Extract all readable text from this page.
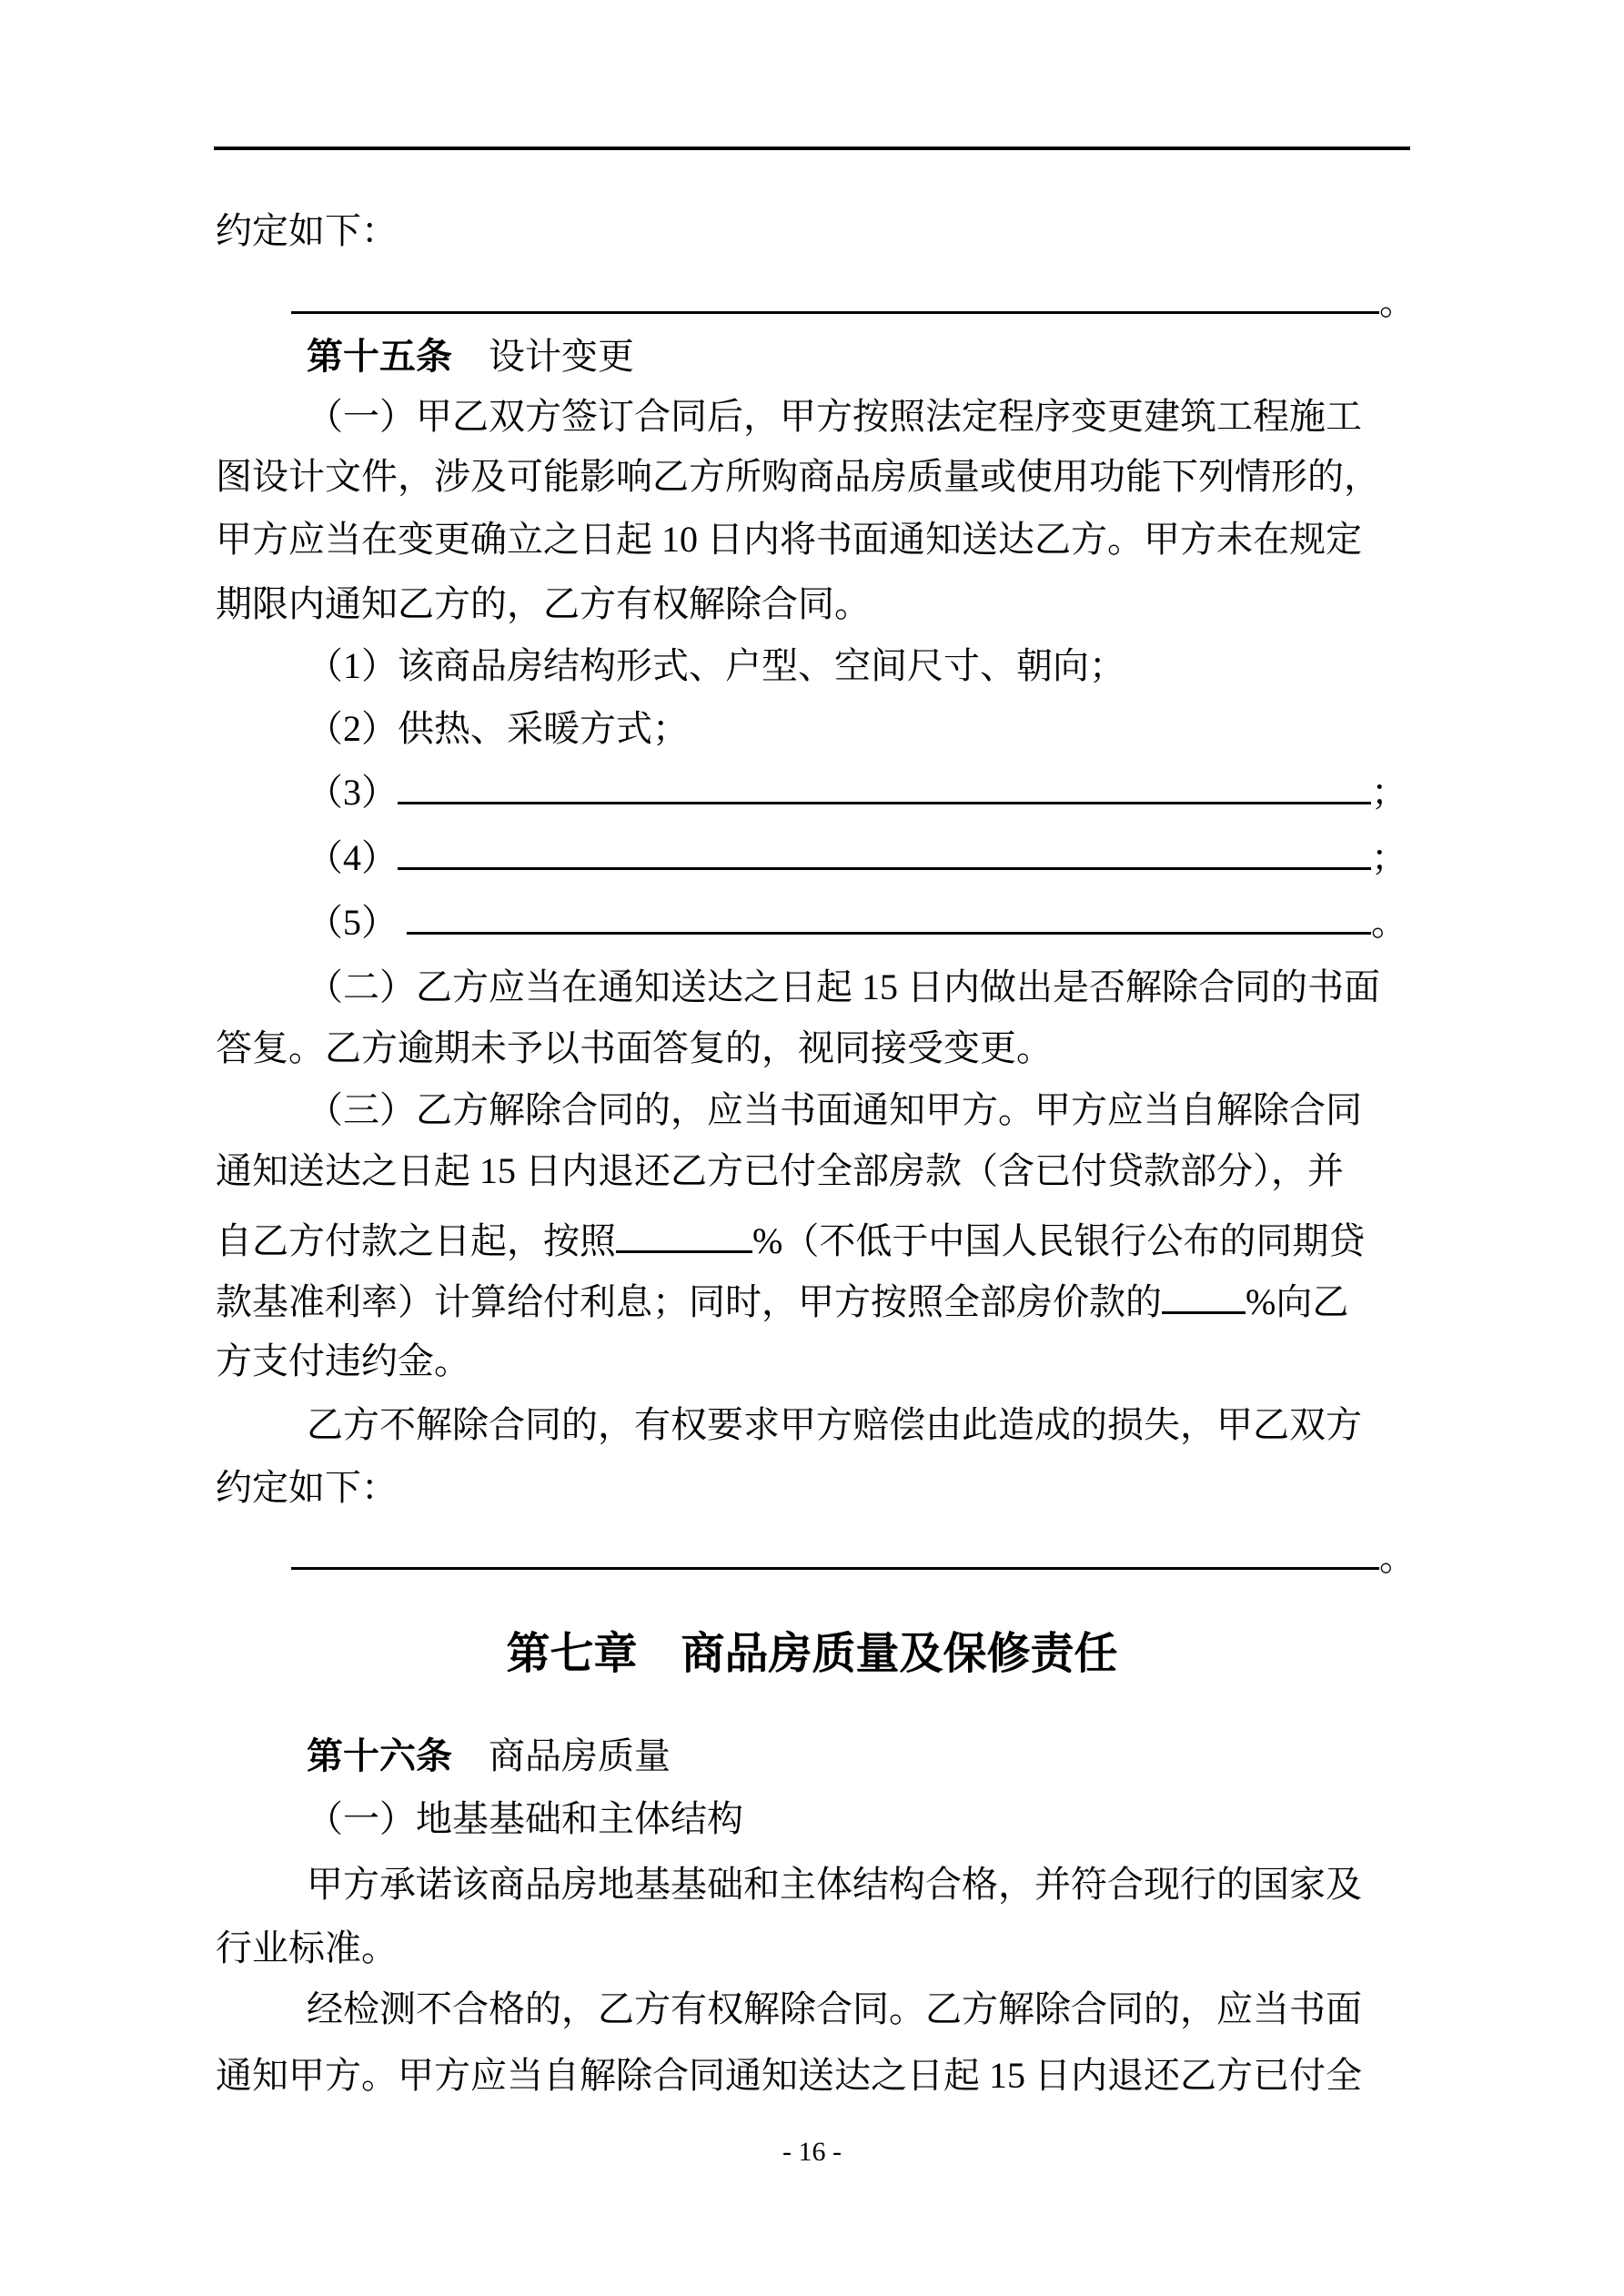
约定如下：
。
第十五条　设计变更
（一）甲乙双方签订合同后，甲方按照法定程序变更建筑工程施工
图设计文件，涉及可能影响乙方所购商品房质量或使用功能下列情形的，
甲方应当在变更确立之日起 10 日内将书面通知送达乙方。甲方未在规定
期限内通知乙方的，乙方有权解除合同。
（1）该商品房结构形式、户型、空间尺寸、朝向；
（2）供热、采暖方式；
（3）	；
（4）	；
（5）	。
（二）乙方应当在通知送达之日起 15 日内做出是否解除合同的书面
答复。乙方逾期未予以书面答复的，视同接受变更。
（三）乙方解除合同的，应当书面通知甲方。甲方应当自解除合同
通知送达之日起 15 日内退还乙方已付全部房款（含已付贷款部分），并
自乙方付款之日起，按照	%（不低于中国人民银行公布的同期贷
款基准利率）计算给付利息；同时，甲方按照全部房价款的 %向乙
方支付违约金。
乙方不解除合同的，有权要求甲方赔偿由此造成的损失，甲乙双方
约定如下：
。
第七章　商品房质量及保修责任
第十六条　商品房质量
（一）地基基础和主体结构
甲方承诺该商品房地基基础和主体结构合格，并符合现行的国家及
行业标准。
经检测不合格的，乙方有权解除合同。乙方解除合同的，应当书面
通知甲方。甲方应当自解除合同通知送达之日起 15 日内退还乙方已付全
- 16 -
